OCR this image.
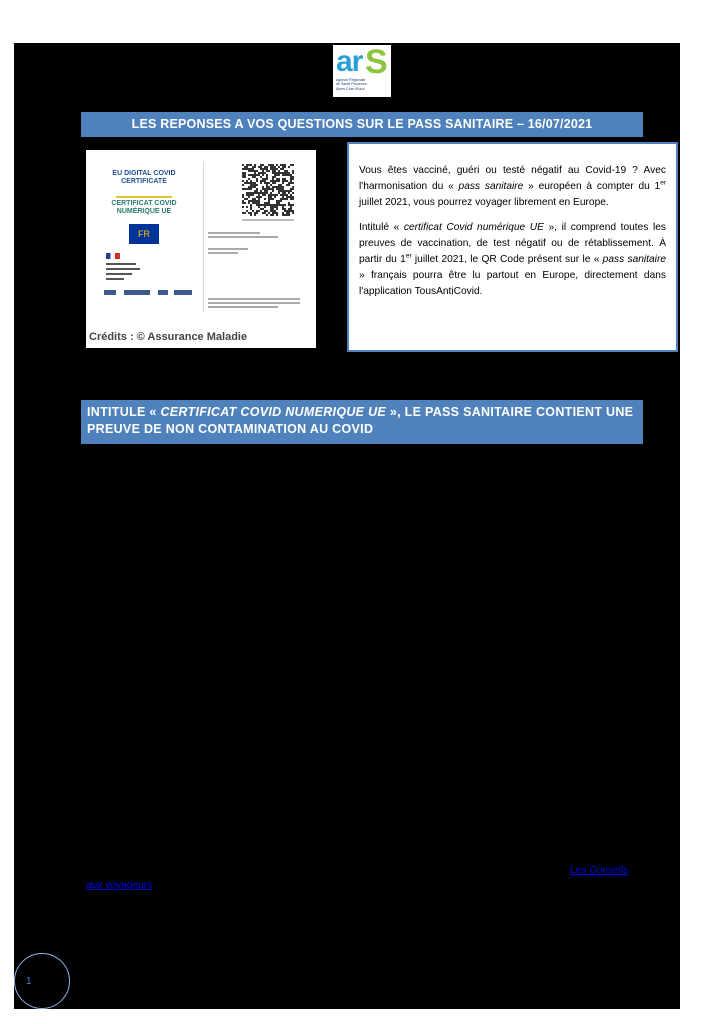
ar S
Agence Régionale de Santé Provence-Alpes Côte d'Azur
LES REPONSES A VOS QUESTIONS SUR LE PASS SANITAIRE – 16/07/2021
EU DIGITAL COVID CERTIFICATE
CERTIFICAT COVID NUMÉRIQUE UE
FR
Crédits : © Assurance Maladie

Vous êtes vacciné, guéri ou testé négatif au Covid-19 ? Avec l'harmonisation du « pass sanitaire » européen à compter du 1er juillet 2021, vous pourrez voyager librement en Europe.

Intitulé « certificat Covid numérique UE », il comprend toutes les preuves de vaccination, de test négatif ou de rétablissement. À partir du 1er juillet 2021, le QR Code présent sur le « pass sanitaire » français pourra être lu partout en Europe, directement dans l'application TousAntiCovid.

INTITULE « CERTIFICAT COVID NUMERIQUE UE », LE PASS SANITAIRE CONTIENT UNE PREUVE DE NON CONTAMINATION AU COVID
Les Conseils
aux voyageurs
1
